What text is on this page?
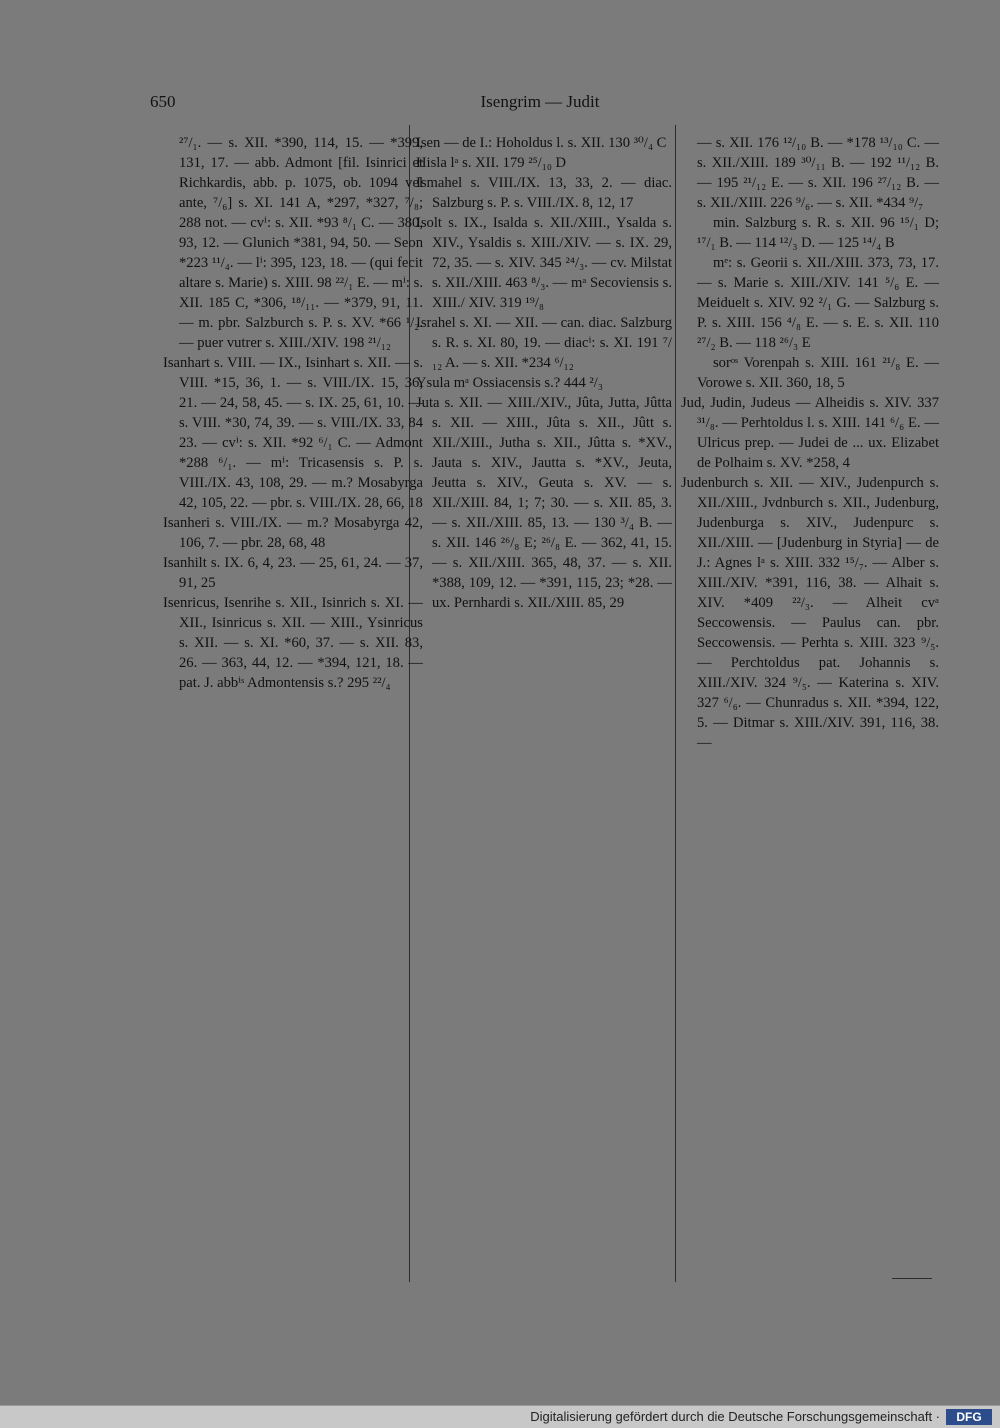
650	Isengrim — Judit

²⁷/₁. — s. XII. *390, 114, 15. — *399, 131, 17. — abb. Admont [fil. Isinrici et Richkardis, abb. p. 1075, ob. 1094 vel ante, ⁷/₆] s. XI. 141 A, *297, *327, ⁷/₈; 288 not. — cvⁱ: s. XII. *93 ⁸/₁ C. — 380, 93, 12. — Glunich *381, 94, 50. — Seon *223 ¹¹/₄. — lⁱ: 395, 123, 18. — (qui fecit altare s. Marie) s. XIII. 98 ²²/₁ E. — mⁱ: s. XII. 185 C, *306, ¹⁸/₁₁. — *379, 91, 11. — m. pbr. Salzburch s. P. s. XV. *66 ¹/₂. — puer vutrer s. XIII./XIV. 198 ²¹/₁₂

Isanhart s. VIII. — IX., Isinhart s. XII. — s. VIII. *15, 36, 1. — s. VIII./IX. 15, 36, 21. — 24, 58, 45. — s. IX. 25, 61, 10. — s. VIII. *30, 74, 39. — s. VIII./IX. 33, 84 23. — cvⁱ: s. XII. *92 ⁶/₁ C. — Admont *288 ⁶/₁. — mⁱ: Tricasensis s. P. s. VIII./IX. 43, 108, 29. — m.? Mosabyrga 42, 105, 22. — pbr. s. VIII./IX. 28, 66, 18

Isanheri s. VIII./IX. — m.? Mosabyrga 42, 106, 7. — pbr. 28, 68, 48

Isanhilt s. IX. 6, 4, 23. — 25, 61, 24. — 37, 91, 25

Isenricus, Isenrihe s. XII., Isinrich s. XI. — XII., Isinricus s. XII. — XIII., Ysinricus s. XII. — s. XI. *60, 37. — s. XII. 83, 26. — 363, 44, 12. — *394, 121, 18. — pat. J. abbⁱˢ Admontensis s.? 295 ²²/₄

Isen — de I.: Hoholdus l. s. XII. 130 ³⁰/₄ C

Hisla lᵃ s. XII. 179 ²⁵/₁₀ D

Ismahel s. VIII./IX. 13, 33, 2. — diac. Salzburg s. P. s. VIII./IX. 8, 12, 17

Isolt s. IX., Isalda s. XII./XIII., Ysalda s. XIV., Ysaldis s. XIII./XIV. — s. IX. 29, 72, 35. — s. XIV. 345 ²⁴/₃. — cv. Milstat s. XII./XIII. 463 ⁸/₃. — mᵃ Secoviensis s. XIII./ XIV. 319 ¹⁹/₈

Israhel s. XI. — XII. — can. diac. Salzburg s. R. s. XI. 80, 19. — diacⁱ: s. XI. 191 ⁷/₁₂ A. — s. XII. *234 ⁶/₁₂

Ysula mᵃ Ossiacensis s.? 444 ²/₃

Juta s. XII. — XIII./XIV., Jûta, Jutta, Jûtta s. XII. — XIII., Jûta s. XII., Jûtt s. XII./XIII., Jutha s. XII., Jûtta s. *XV., Jauta s. XIV., Jautta s. *XV., Jeuta, Jeutta s. XIV., Geuta s. XV. — s. XII./XIII. 84, 1; 7; 30. — s. XII. 85, 3. — s. XII./XIII. 85, 13. — 130 ³/₄ B. — s. XII. 146 ²⁶/₈ E; ²⁶/₈ E. — 362, 41, 15. — s. XII./XIII. 365, 48, 37. — s. XII. *388, 109, 12. — *391, 115, 23; *28. — ux. Pernhardi s. XII./XIII. 85, 29

— s. XII. 176 ¹²/₁₀ B. — *178 ¹³/₁₀ C. — s. XII./XIII. 189 ³⁰/₁₁ B. — 192 ¹¹/₁₂ B. — 195 ²¹/₁₂ E. — s. XII. 196 ²⁷/₁₂ B. — s. XII./XIII. 226 ⁹/₆. — s. XII. *434 ⁹/₇

min. Salzburg s. R. s. XII. 96 ¹⁵/₁ D; ¹⁷/₁ B. — 114 ¹²/₃ D. — 125 ¹⁴/₄ B

mᵉ: s. Georii s. XII./XIII. 373, 73, 17. — s. Marie s. XIII./XIV. 141 ⁵/₆ E. — Meiduelt s. XIV. 92 ²/₁ G. — Salzburg s. P. s. XIII. 156 ⁴/₈ E. — s. E. s. XII. 110 ²⁷/₂ B. — 118 ²⁶/₃ E

sorᵒˢ Vorenpah s. XIII. 161 ²¹/₈ E. — Vorowe s. XII. 360, 18, 5

Jud, Judin, Judeus — Alheidis s. XIV. 337 ³¹/₈. — Perhtoldus l. s. XIII. 141 ⁶/₆ E. — Ulricus prep. — Judei de ... ux. Elizabet de Polhaim s. XV. *258, 4

Judenburch s. XII. — XIV., Judenpurch s. XII./XIII., Jvdnburch s. XII., Judenburg, Judenburga s. XIV., Judenpurc s. XII./XIII. — [Judenburg in Styria] — de J.: Agnes lᵃ s. XIII. 332 ¹⁵/₇. — Alber s. XIII./XIV. *391, 116, 38. — Alhait s. XIV. *409 ²²/₃. — Alheit cvᵃ Seccowensis. — Paulus can. pbr. Seccowensis. — Perhta s. XIII. 323 ⁹/₅. — Perchtoldus pat. Johannis s. XIII./XIV. 324 ⁹/₅. — Katerina s. XIV. 327 ⁶/₆. — Chunradus s. XII. *394, 122, 5. — Ditmar s. XIII./XIV. 391, 116, 38. —

Digitalisierung gefördert durch die Deutsche Forschungsgemeinschaft ·	DFG
